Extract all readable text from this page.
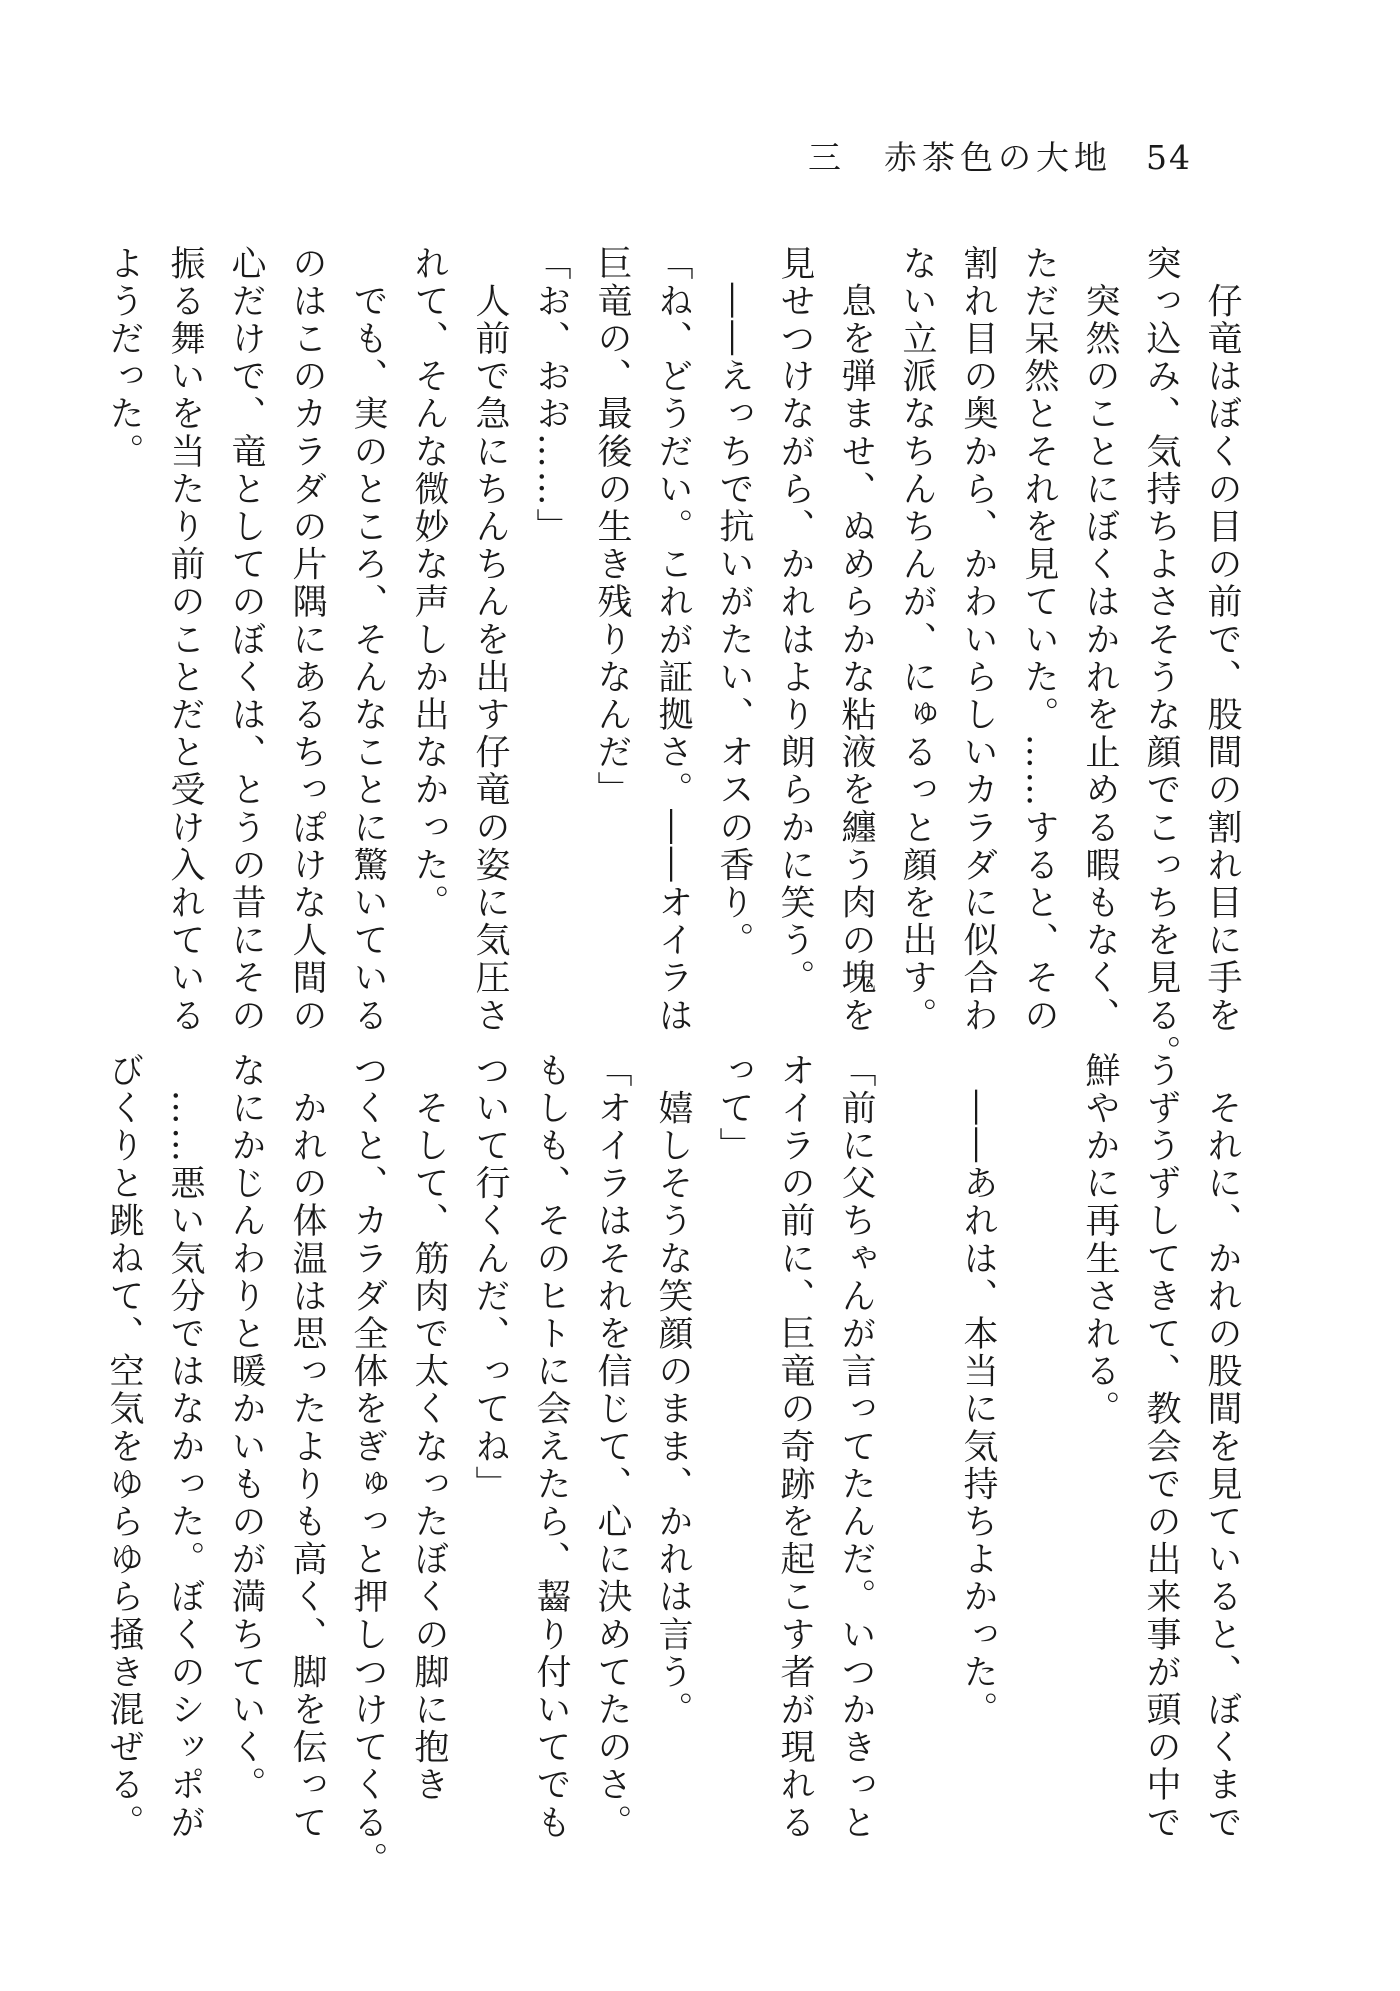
三　赤茶色の大地 54
　仔竜はぼくの目の前で、股間の割れ目に手を
突っ込み、気持ちよさそうな顔でこっちを見る。
　突然のことにぼくはかれを止める暇もなく、
ただ呆然とそれを見ていた。……すると、その
割れ目の奥から、かわいらしいカラダに似合わ
ない立派なちんちんが、にゅるっと顔を出す。
　息を弾ませ、ぬめらかな粘液を纏う肉の塊を
見せつけながら、かれはより朗らかに笑う。
　――えっちで抗いがたい、オスの香り。
「ね、どうだい。これが証拠さ。――オイラは
巨竜の、最後の生き残りなんだ」
「お、おお……」
　人前で急にちんちんを出す仔竜の姿に気圧さ
れて、そんな微妙な声しか出なかった。
　でも、実のところ、そんなことに驚いている
のはこのカラダの片隅にあるちっぽけな人間の
心だけで、竜としてのぼくは、とうの昔にその
振る舞いを当たり前のことだと受け入れている
ようだった。
　それに、かれの股間を見ていると、ぼくまで
うずうずしてきて、教会での出来事が頭の中で
鮮やかに再生される。
　――あれは、本当に気持ちよかった。
「前に父ちゃんが言ってたんだ。いつかきっと
オイラの前に、巨竜の奇跡を起こす者が現れる
って」
　嬉しそうな笑顔のまま、かれは言う。
「オイラはそれを信じて、心に決めてたのさ。
もしも、そのヒトに会えたら、齧り付いてでも
ついて行くんだ、ってね」
　そして、筋肉で太くなったぼくの脚に抱き
つくと、カラダ全体をぎゅっと押しつけてくる。
　かれの体温は思ったよりも高く、脚を伝って
なにかじんわりと暖かいものが満ちていく。
　……悪い気分ではなかった。ぼくのシッポが
びくりと跳ねて、空気をゆらゆら掻き混ぜる。
